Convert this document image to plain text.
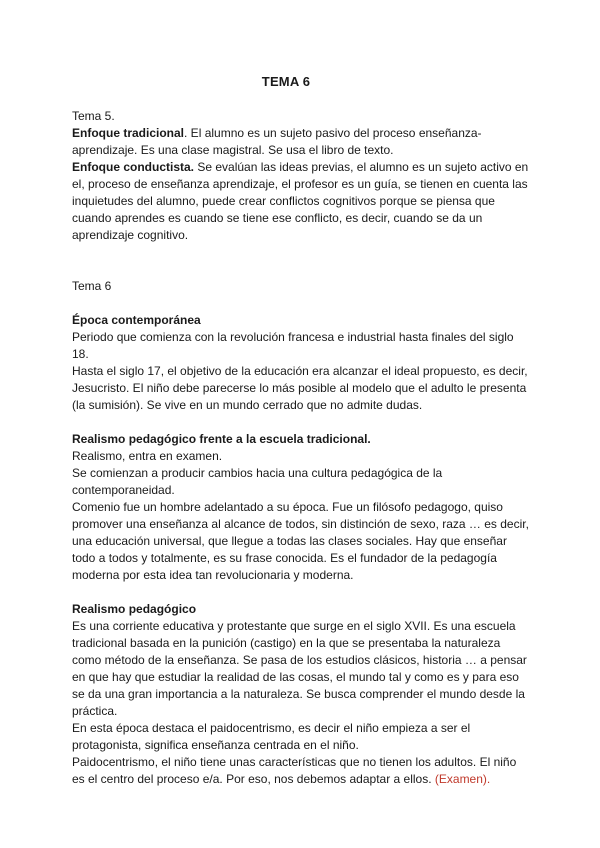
TEMA 6

Tema 5.

Enfoque tradicional. El alumno es un sujeto pasivo del proceso enseñanza-aprendizaje. Es una clase magistral. Se usa el libro de texto.

Enfoque conductista. Se evalúan las ideas previas, el alumno es un sujeto activo en el, proceso de enseñanza aprendizaje, el profesor es un guía, se tienen en cuenta las inquietudes del alumno, puede crear conflictos cognitivos porque se piensa que cuando aprendes es cuando se tiene ese conflicto, es decir, cuando se da un aprendizaje cognitivo.

Tema 6

Época contemporánea

Periodo que comienza con la revolución francesa e industrial hasta finales del siglo 18.

Hasta el siglo 17, el objetivo de la educación era alcanzar el ideal propuesto, es decir, Jesucristo. El niño debe parecerse lo más posible al modelo que el adulto le presenta (la sumisión). Se vive en un mundo cerrado que no admite dudas.

Realismo pedagógico frente a la escuela tradicional.

Realismo, entra en examen.

Se comienzan a producir cambios hacia una cultura pedagógica de la contemporaneidad.

Comenio fue un hombre adelantado a su época. Fue un filósofo pedagogo, quiso promover una enseñanza al alcance de todos, sin distinción de sexo, raza … es decir, una educación universal, que llegue a todas las clases sociales. Hay que enseñar todo a todos y totalmente, es su frase conocida. Es el fundador de la pedagogía moderna por esta idea tan revolucionaria y moderna.

Realismo pedagógico

Es una corriente educativa y protestante que surge en el siglo XVII. Es una escuela tradicional basada en la punición (castigo) en la que se presentaba la naturaleza como método de la enseñanza. Se pasa de los estudios clásicos, historia … a pensar en que hay que estudiar la realidad de las cosas, el mundo tal y como es y para eso se da una gran importancia a la naturaleza. Se busca comprender el mundo desde la práctica.

En esta época destaca el paidocentrismo, es decir el niño empieza a ser el protagonista, significa enseñanza centrada en el niño.

Paidocentrismo, el niño tiene unas características que no tienen los adultos. El niño es el centro del proceso e/a. Por eso, nos debemos adaptar a ellos. (Examen).
